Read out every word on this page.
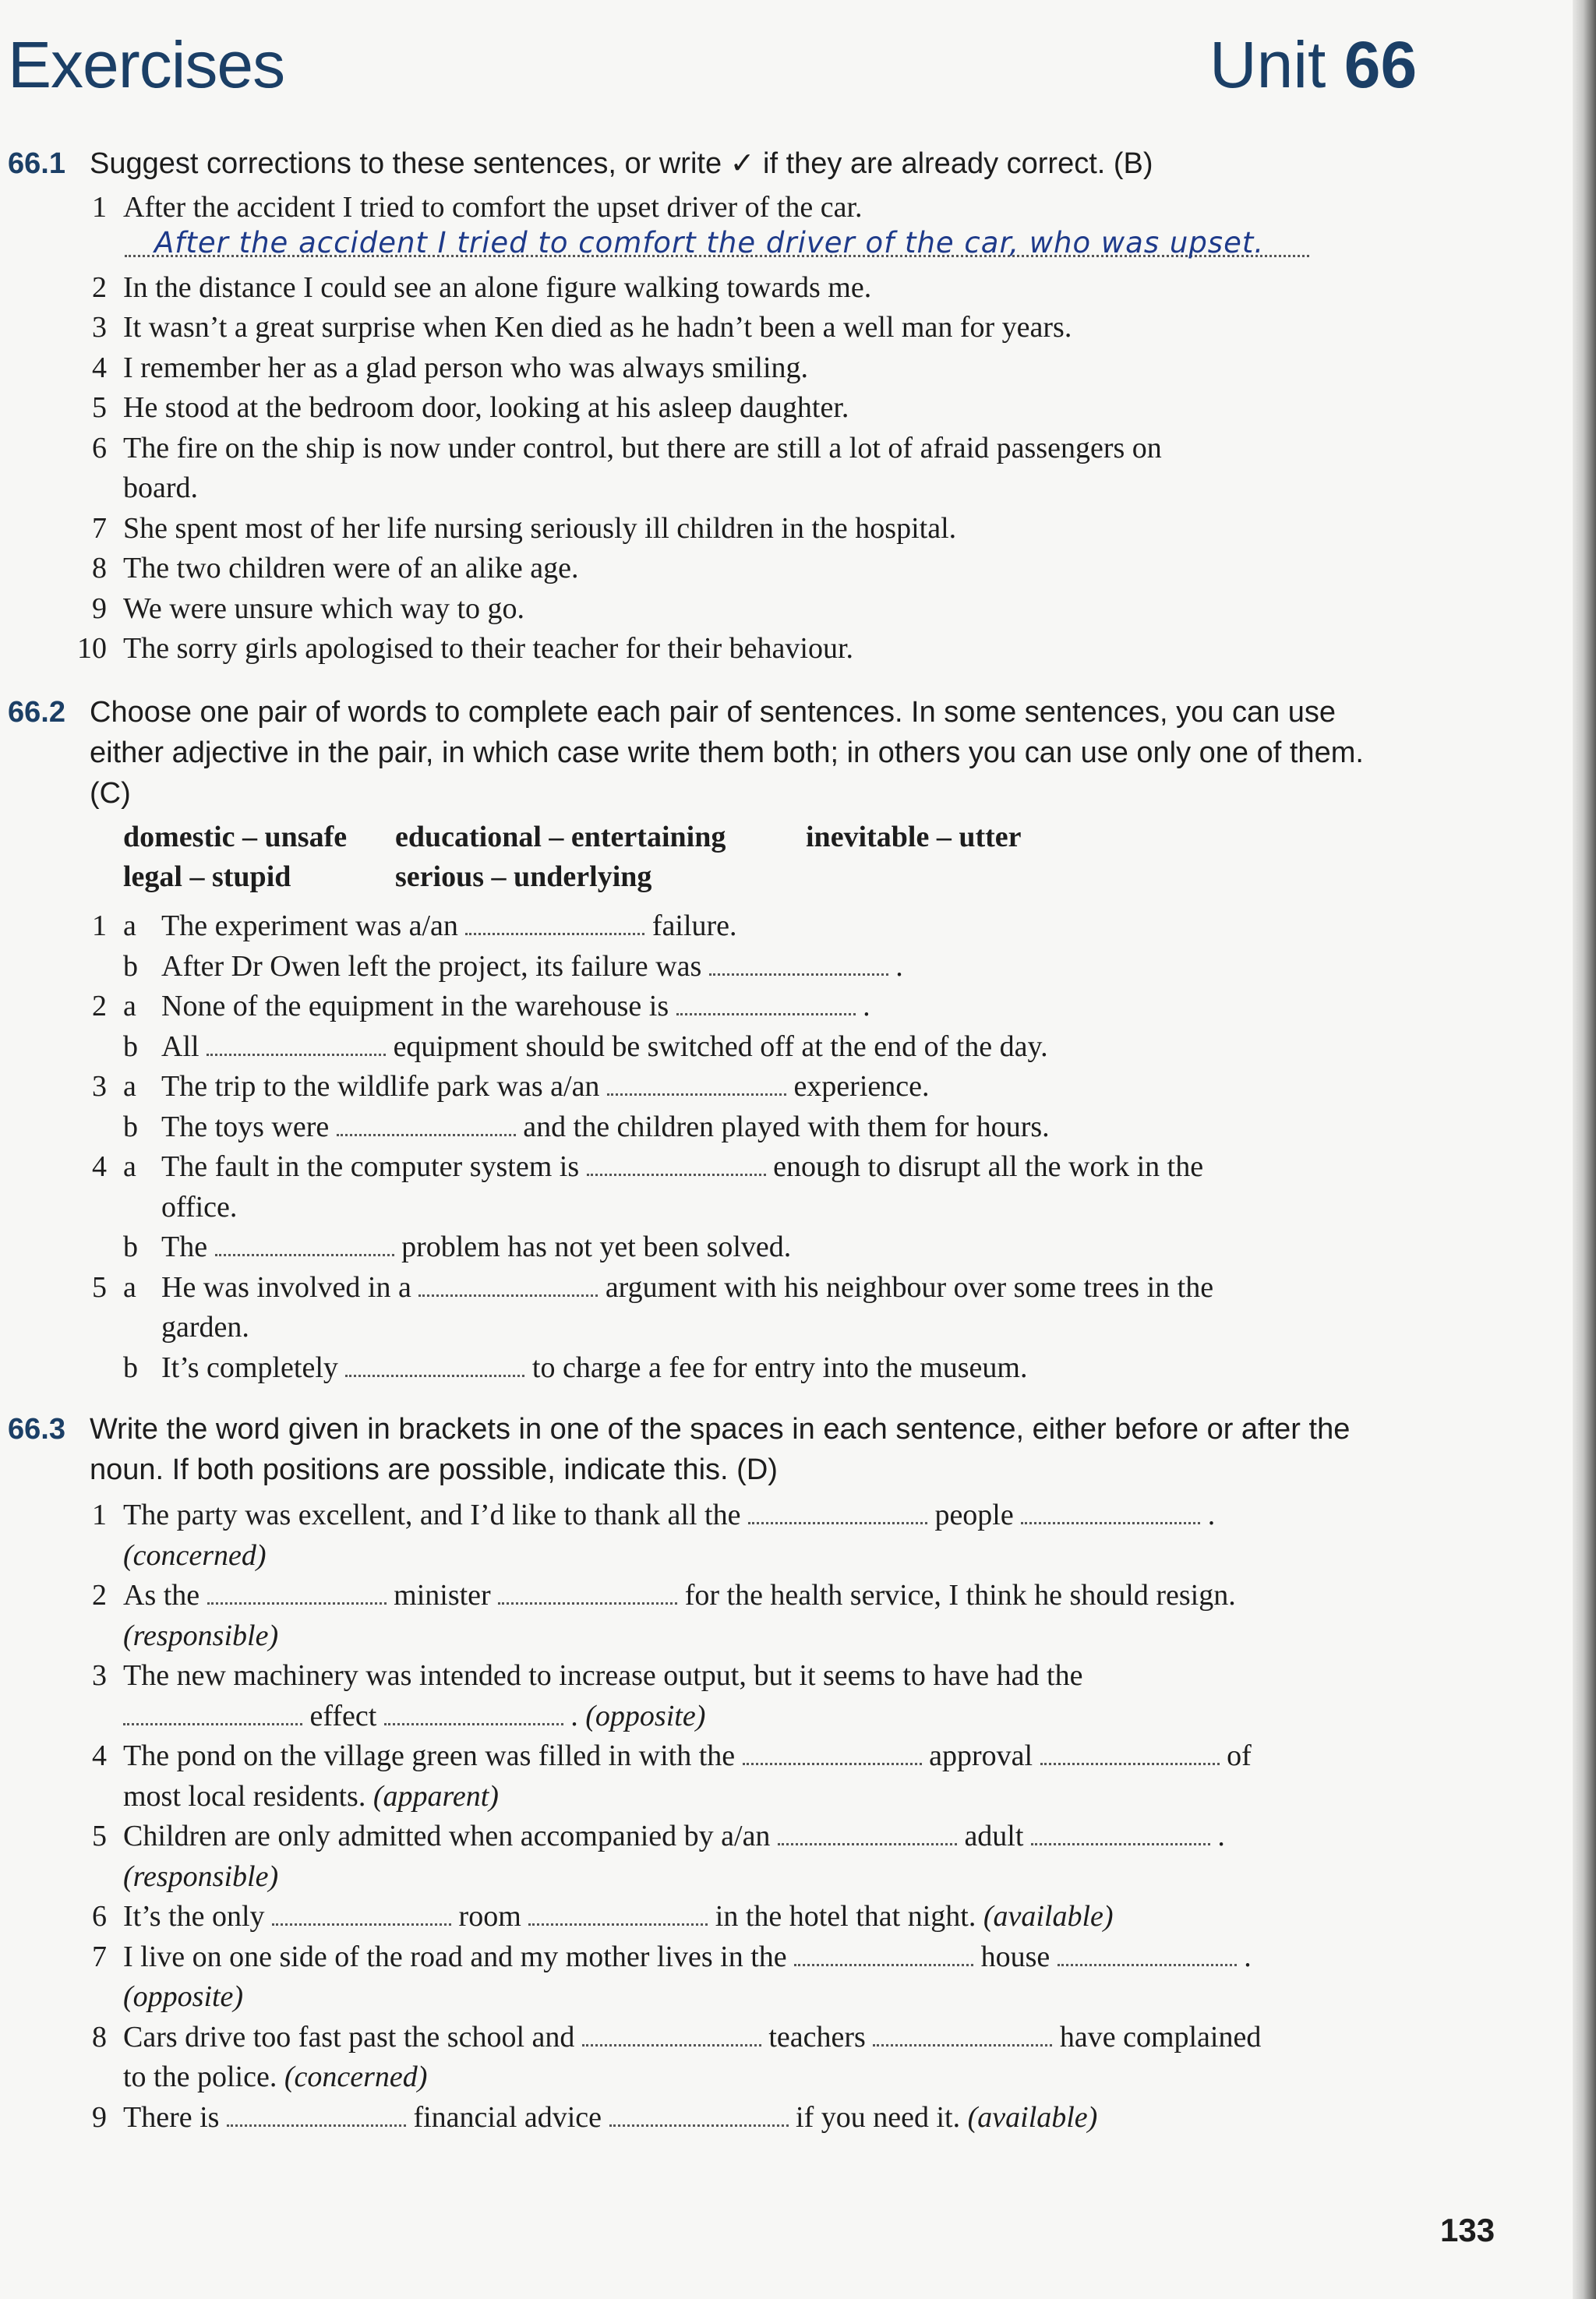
Exercises	Unit 66
66.1 Suggest corrections to these sentences, or write ✓ if they are already correct. (B)

1 After the accident I tried to comfort the upset driver of the car.
After the accident I tried to comfort the driver of the car, who was upset.
2 In the distance I could see an alone figure walking towards me.
3 It wasn’t a great surprise when Ken died as he hadn’t been a well man for years.
4 I remember her as a glad person who was always smiling.
5 He stood at the bedroom door, looking at his asleep daughter.
6 The fire on the ship is now under control, but there are still a lot of afraid passengers on
board.
7 She spent most of her life nursing seriously ill children in the hospital.
8 The two children were of an alike age.
9 We were unsure which way to go.
10 The sorry girls apologised to their teacher for their behaviour.
66.2 Choose one pair of words to complete each pair of sentences. In some sentences, you can use either adjective in the pair, in which case write them both; in others you can use only one of them. (C)

domestic – unsafe educational – entertaining	inevitable – utter
legal – stupid	serious – underlying
1 a The experiment was a/an	failure.
b After Dr Owen left the project, its failure was	.
2 a None of the equipment in the warehouse is	.
b All	equipment should be switched off at the end of the day.
3 a The trip to the wildlife park was a/an	experience.
b The toys were	and the children played with them for hours.
4 a The fault in the computer system is	enough to disrupt all the work in the
office.
b The	problem has not yet been solved.
5 a He was involved in a	argument with his neighbour over some trees in the
garden.
b It’s completely	to charge a fee for entry into the museum.
66.3 Write the word given in brackets in one of the spaces in each sentence, either before or after the noun. If both positions are possible, indicate this. (D)

1 The party was excellent, and I’d like to thank all the	people	.
(concerned)
2 As the	minister	for the health service, I think he should resign.
(responsible)
3 The new machinery was intended to increase output, but it seems to have had the
effect	. (opposite)
4 The pond on the village green was filled in with the	approval	of
most local residents. (apparent)
5 Children are only admitted when accompanied by a/an	adult	.
(responsible)
6 It’s the only	room	in the hotel that night. (available)
7 I live on one side of the road and my mother lives in the	house	.
(opposite)
8 Cars drive too fast past the school and	teachers	have complained
to the police. (concerned)
9 There is	financial advice	if you need it. (available)
133
